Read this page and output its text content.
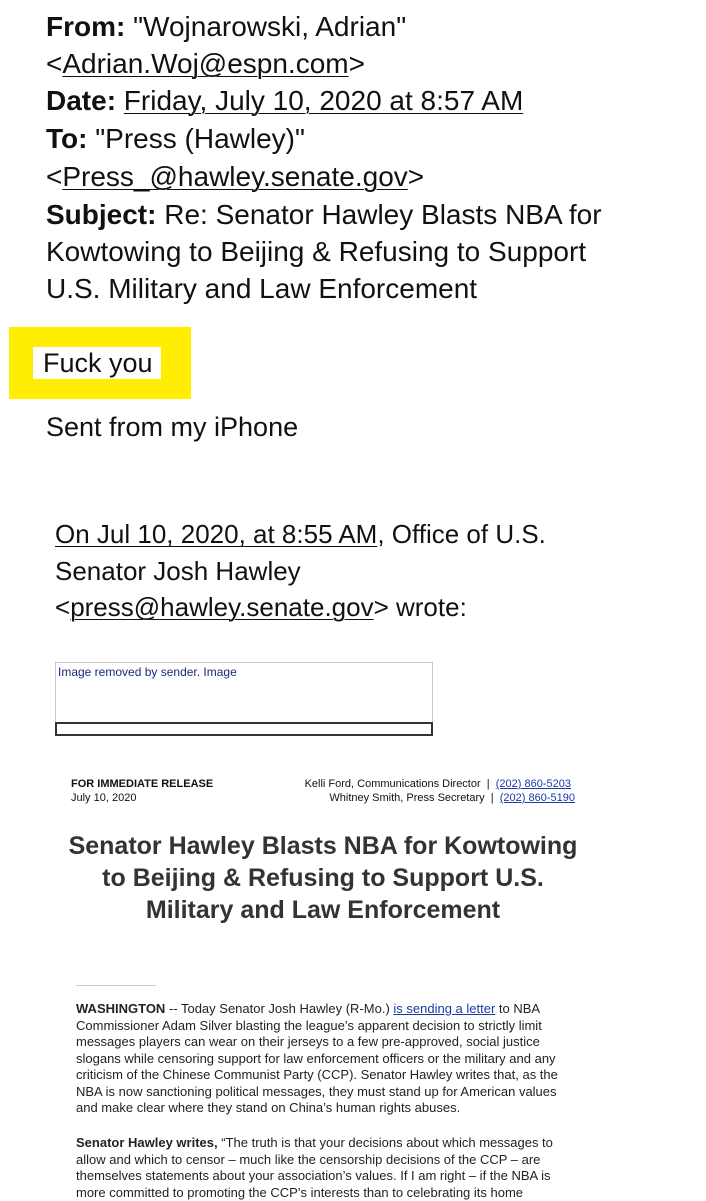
From: "Wojnarowski, Adrian"
<Adrian.Woj@espn.com>
Date: Friday, July 10, 2020 at 8:57 AM
To: "Press (Hawley)"
<Press_@hawley.senate.gov>
Subject: Re: Senator Hawley Blasts NBA for
Kowtowing to Beijing & Refusing to Support
U.S. Military and Law Enforcement
Fuck you
Sent from my iPhone
On Jul 10, 2020, at 8:55 AM, Office of U.S.
Senator Josh Hawley
<press@hawley.senate.gov> wrote:
Image removed by sender. Image
FOR IMMEDIATE RELEASE
July 10, 2020
Kelli Ford, Communications Director | (202) 860-5203
Whitney Smith, Press Secretary | (202) 860-5190
Senator Hawley Blasts NBA for Kowtowing to Beijing & Refusing to Support U.S. Military and Law Enforcement
WASHINGTON -- Today Senator Josh Hawley (R-Mo.) is sending a letter to NBA Commissioner Adam Silver blasting the league’s apparent decision to strictly limit messages players can wear on their jerseys to a few pre-approved, social justice slogans while censoring support for law enforcement officers or the military and any criticism of the Chinese Communist Party (CCP). Senator Hawley writes that, as the NBA is now sanctioning political messages, they must stand up for American values and make clear where they stand on China’s human rights abuses.
Senator Hawley writes, “The truth is that your decisions about which messages to allow and which to censor – much like the censorship decisions of the CCP – are themselves statements about your association’s values. If I am right – if the NBA is more committed to promoting the CCP’s interests than to celebrating its home
